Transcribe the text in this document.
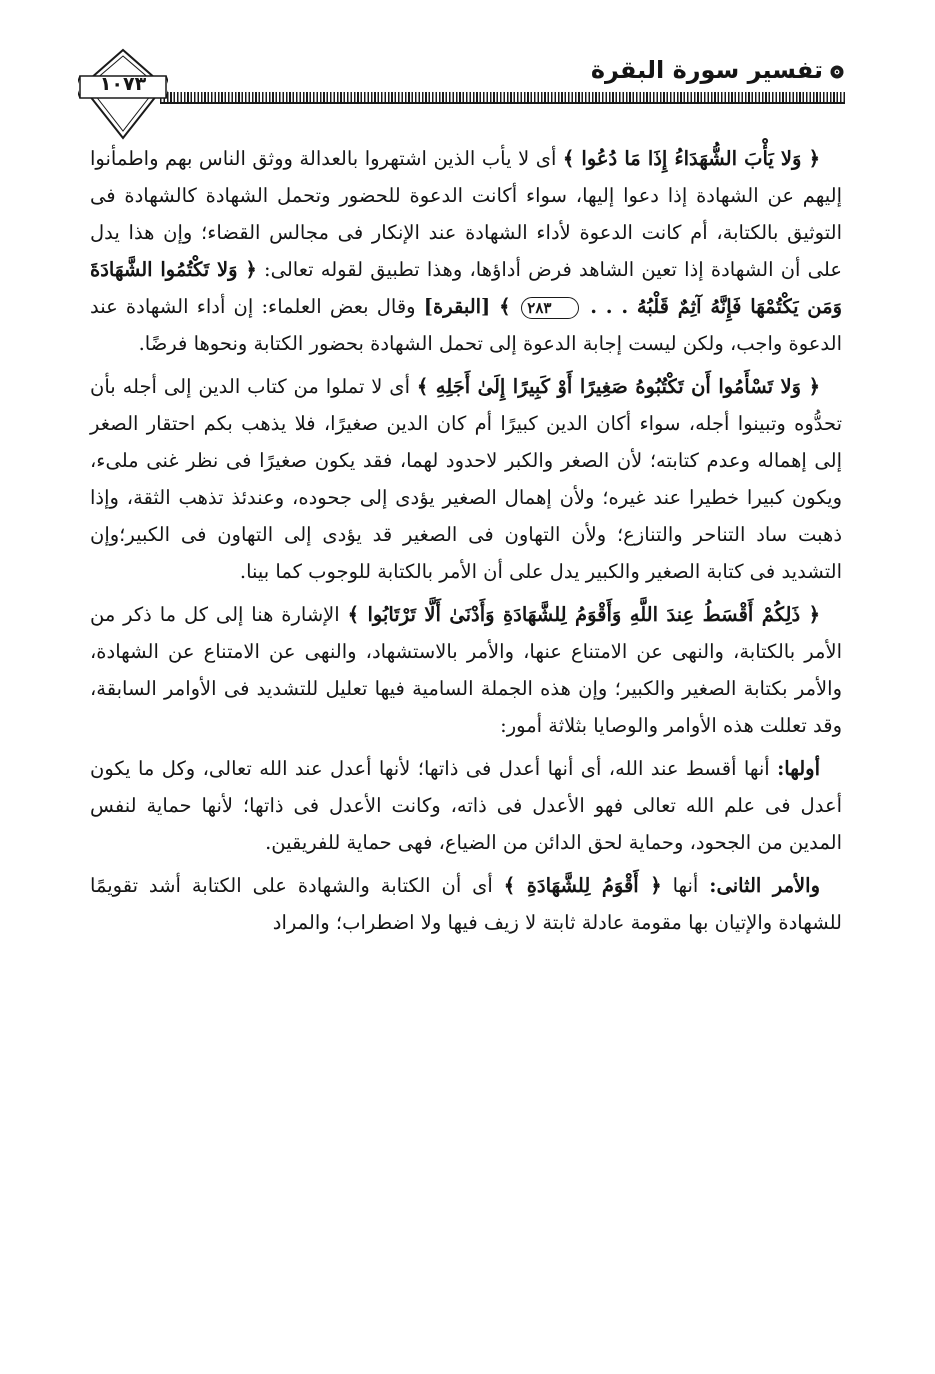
تفسير سورة البقرة
١٠٧٣

﴿ وَلا يَأْبَ الشُّهَدَاءُ إِذَا مَا دُعُوا ﴾ أى لا يأب الذين اشتهروا بالعدالة ووثق الناس بهم واطمأنوا إليهم عن الشهادة إذا دعوا إليها، سواء أكانت الدعوة للحضور وتحمل الشهادة كالشهادة فى التوثيق بالكتابة، أم كانت الدعوة لأداء الشهادة عند الإنكار فى مجالس القضاء؛ وإن هذا يدل على أن الشهادة إذا تعين الشاهد فرض أداؤها، وهذا تطبيق لقوله تعالى: ﴿ وَلا تَكْتُمُوا الشَّهَادَةَ وَمَن يَكْتُمْهَا فَإِنَّهُ آثِمٌ قَلْبُهُ . . . ٢٨٣ ﴾ [البقرة] وقال بعض العلماء: إن أداء الشهادة عند الدعوة واجب، ولكن ليست إجابة الدعوة إلى تحمل الشهادة بحضور الكتابة ونحوها فرضًا.

﴿ وَلا تَسْأَمُوا أَن تَكْتُبُوهُ صَغِيرًا أَوْ كَبِيرًا إِلَىٰ أَجَلِهِ ﴾ أى لا تملوا من كتاب الدين إلى أجله بأن تحدُّوه وتبينوا أجله، سواء أكان الدين كبيرًا أم كان الدين صغيرًا، فلا يذهب بكم احتقار الصغر إلى إهماله وعدم كتابته؛ لأن الصغر والكبر لاحدود لهما، فقد يكون صغيرًا فى نظر غنى ملىء، ويكون كبيرا خطيرا عند غيره؛ ولأن إهمال الصغير يؤدى إلى جحوده، وعندئذ تذهب الثقة، وإذا ذهبت ساد التناحر والتنازع؛ ولأن التهاون فى الصغير قد يؤدى إلى التهاون فى الكبير؛وإن التشديد فى كتابة الصغير والكبير يدل على أن الأمر بالكتابة للوجوب كما بينا.

﴿ ذَلِكُمْ أَقْسَطُ عِندَ اللَّهِ وَأَقْوَمُ لِلشَّهَادَةِ وَأَدْنَىٰ أَلَّا تَرْتَابُوا ﴾ الإشارة هنا إلى كل ما ذكر من الأمر بالكتابة، والنهى عن الامتناع عنها، والأمر بالاستشهاد، والنهى عن الامتناع عن الشهادة، والأمر بكتابة الصغير والكبير؛ وإن هذه الجملة السامية فيها تعليل للتشديد فى الأوامر السابقة، وقد تعللت هذه الأوامر والوصايا بثلاثة أمور:

أولها: أنها أقسط عند الله، أى أنها أعدل فى ذاتها؛ لأنها أعدل عند الله تعالى، وكل ما يكون أعدل فى علم الله تعالى فهو الأعدل فى ذاته، وكانت الأعدل فى ذاتها؛ لأنها حماية لنفس المدين من الجحود، وحماية لحق الدائن من الضياع، فهى حماية للفريقين.

والأمر الثانى: أنها ﴿ أَقْوَمُ لِلشَّهَادَةِ ﴾ أى أن الكتابة والشهادة على الكتابة أشد تقويمًا للشهادة والإتيان بها مقومة عادلة ثابتة لا زيف فيها ولا اضطراب؛ والمراد
